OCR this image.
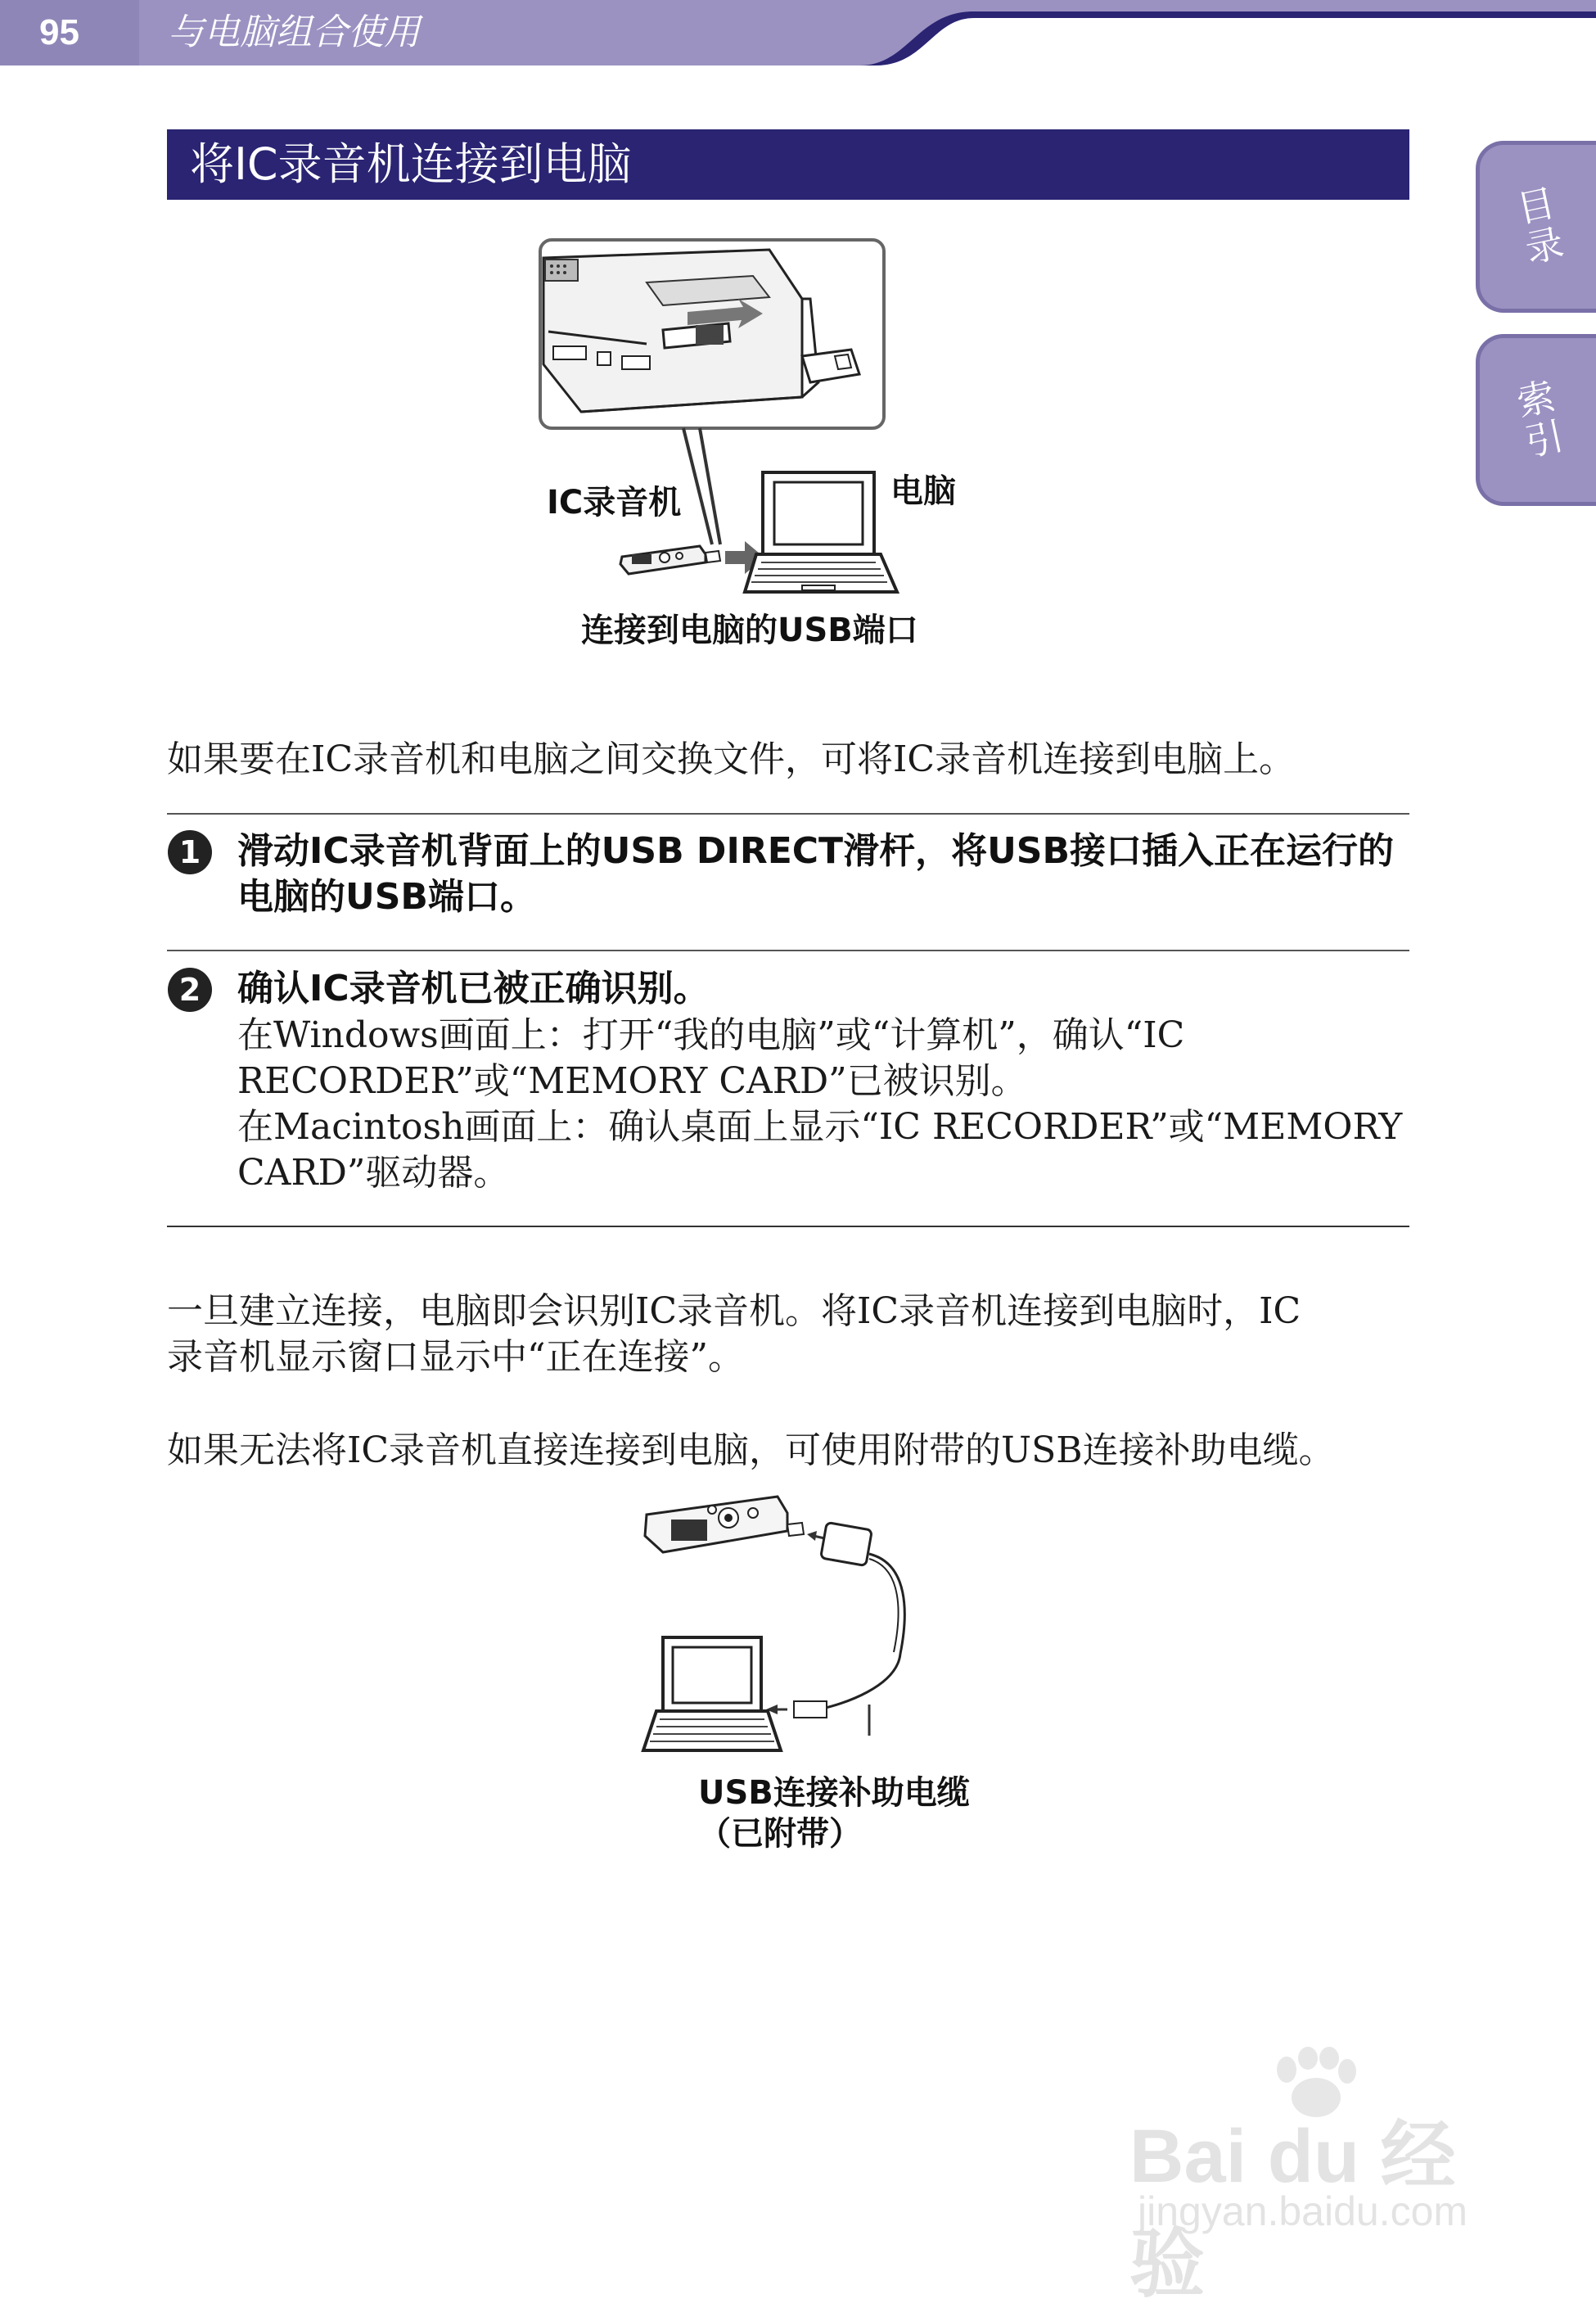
95 与电脑组合使用
目录
索引
将IC录音机连接到电脑
IC录音机	电脑
连接到电脑的USB端口
如果要在IC录音机和电脑之间交换文件，可将IC录音机连接到电脑上。
1	滑动IC录音机背面上的USB DIRECT滑杆，将USB接口插入正在运行的
电脑的USB端口。
2	确认IC录音机已被正确识别。
在Windows画面上：打开“我的电脑”或“计算机”，确认“IC
RECORDER”或“MEMORY CARD”已被识别。
在Macintosh画面上：确认桌面上显示“IC RECORDER”或“MEMORY
CARD”驱动器。
一旦建立连接，电脑即会识别IC录音机。将IC录音机连接到电脑时，IC
录音机显示窗口显示中“正在连接”。
如果无法将IC录音机直接连接到电脑，可使用附带的USB连接补助电缆。
USB连接补助电缆
（已附带）
Bai du 经验
jingyan.baidu.com
